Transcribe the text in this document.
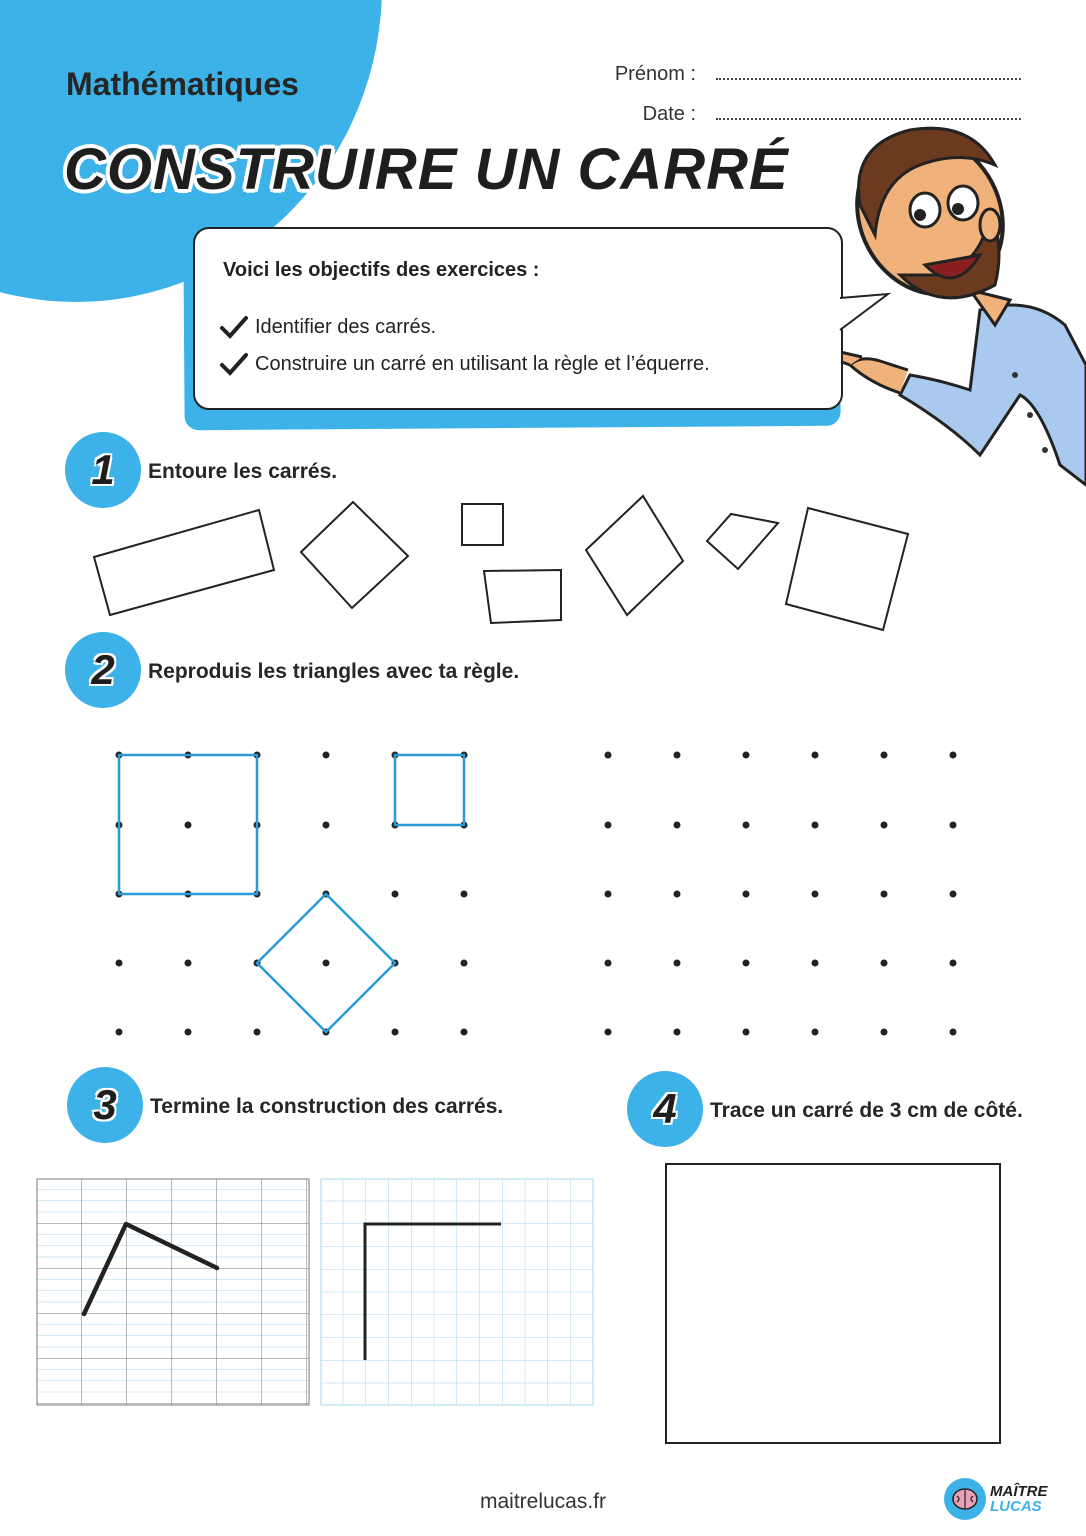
Mathématiques
CONSTRUIRE UN CARRÉ
Prénom :
Date :
Voici les objectifs des exercices :
Identifier des carrés.
Construire un carré en utilisant la règle et l’équerre.
1 Entoure les carrés.
2 Reproduis les triangles avec ta règle.
3 Termine la construction des carrés.	4 Trace un carré de 3 cm de côté.
maitrelucas.fr	MAÎTRE
LUCAS
